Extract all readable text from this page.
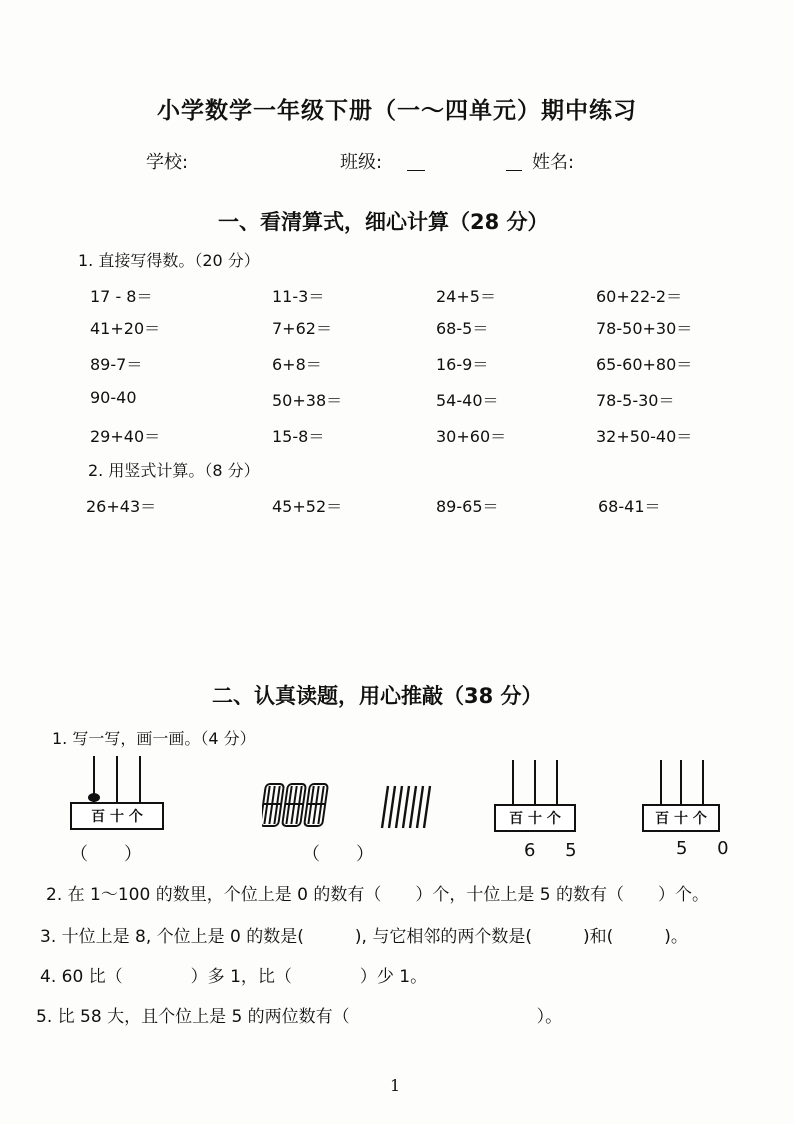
小学数学一年级下册（一～四单元）期中练习
学校:	班级:	姓名:
一、看清算式，细心计算（28 分）
1. 直接写得数。（20 分）
17 - 8＝	11-3＝	24+5＝	60+22-2＝
41+20＝	7+62＝	68-5＝	78-50+30＝
89-7＝	6+8＝	16-9＝	65-60+80＝
90-40	50+38＝	54-40＝	78-5-30＝
29+40＝	15-8＝	30+60＝	32+50-40＝
2. 用竖式计算。（8 分）
26+43＝	45+52＝	89-65＝	68-41＝
二、认真读题，用心推敲（38 分）
1. 写一写，画一画。（4 分）
百 十 个
（　　）	（　　）
百 十 个
6 5
百 十 个
5 0
2. 在 1～100 的数里，个位上是 0 的数有（　　）个，十位上是 5 的数有（　　）个。
3. 十位上是 8, 个位上是 0 的数是(　　　), 与它相邻的两个数是(　　　)和(　　　)。
4. 60 比（　　　　）多 1，比（　　　　）少 1。
5. 比 58 大，且个位上是 5 的两位数有（　　　　　　　　　　　）。
1
